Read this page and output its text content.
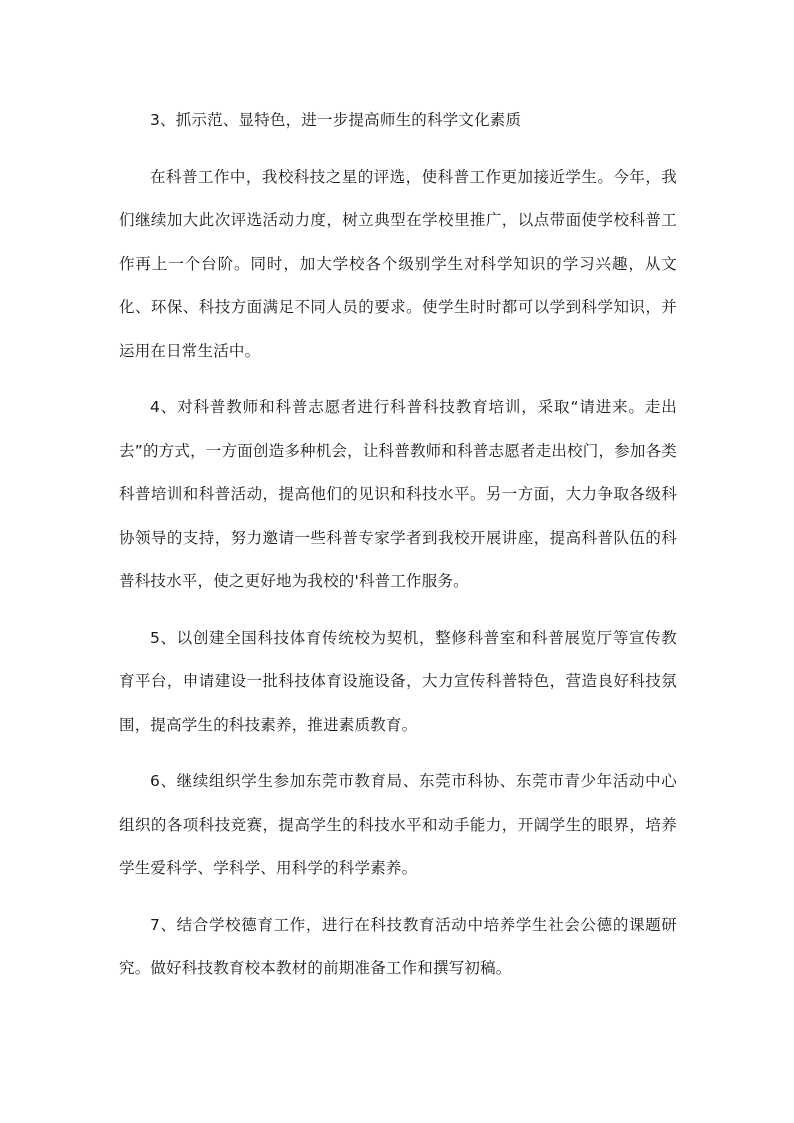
3、抓示范、显特色，进一步提高师生的科学文化素质

在科普工作中，我校科技之星的评选，使科普工作更加接近学生。今年，我们继续加大此次评选活动力度，树立典型在学校里推广，以点带面使学校科普工作再上一个台阶。同时，加大学校各个级别学生对科学知识的学习兴趣，从文化、环保、科技方面满足不同人员的要求。使学生时时都可以学到科学知识，并运用在日常生活中。

4、对科普教师和科普志愿者进行科普科技教育培训，采取“请进来。走出去”的方式，一方面创造多种机会，让科普教师和科普志愿者走出校门，参加各类科普培训和科普活动，提高他们的见识和科技水平。另一方面，大力争取各级科协领导的支持，努力邀请一些科普专家学者到我校开展讲座，提高科普队伍的科普科技水平，使之更好地为我校的'科普工作服务。

5、以创建全国科技体育传统校为契机，整修科普室和科普展览厅等宣传教育平台，申请建设一批科技体育设施设备，大力宣传科普特色，营造良好科技氛围，提高学生的科技素养，推进素质教育。

6、继续组织学生参加东莞市教育局、东莞市科协、东莞市青少年活动中心组织的各项科技竞赛，提高学生的科技水平和动手能力，开阔学生的眼界，培养学生爱科学、学科学、用科学的科学素养。

7、结合学校德育工作，进行在科技教育活动中培养学生社会公德的课题研究。做好科技教育校本教材的前期准备工作和撰写初稿。
